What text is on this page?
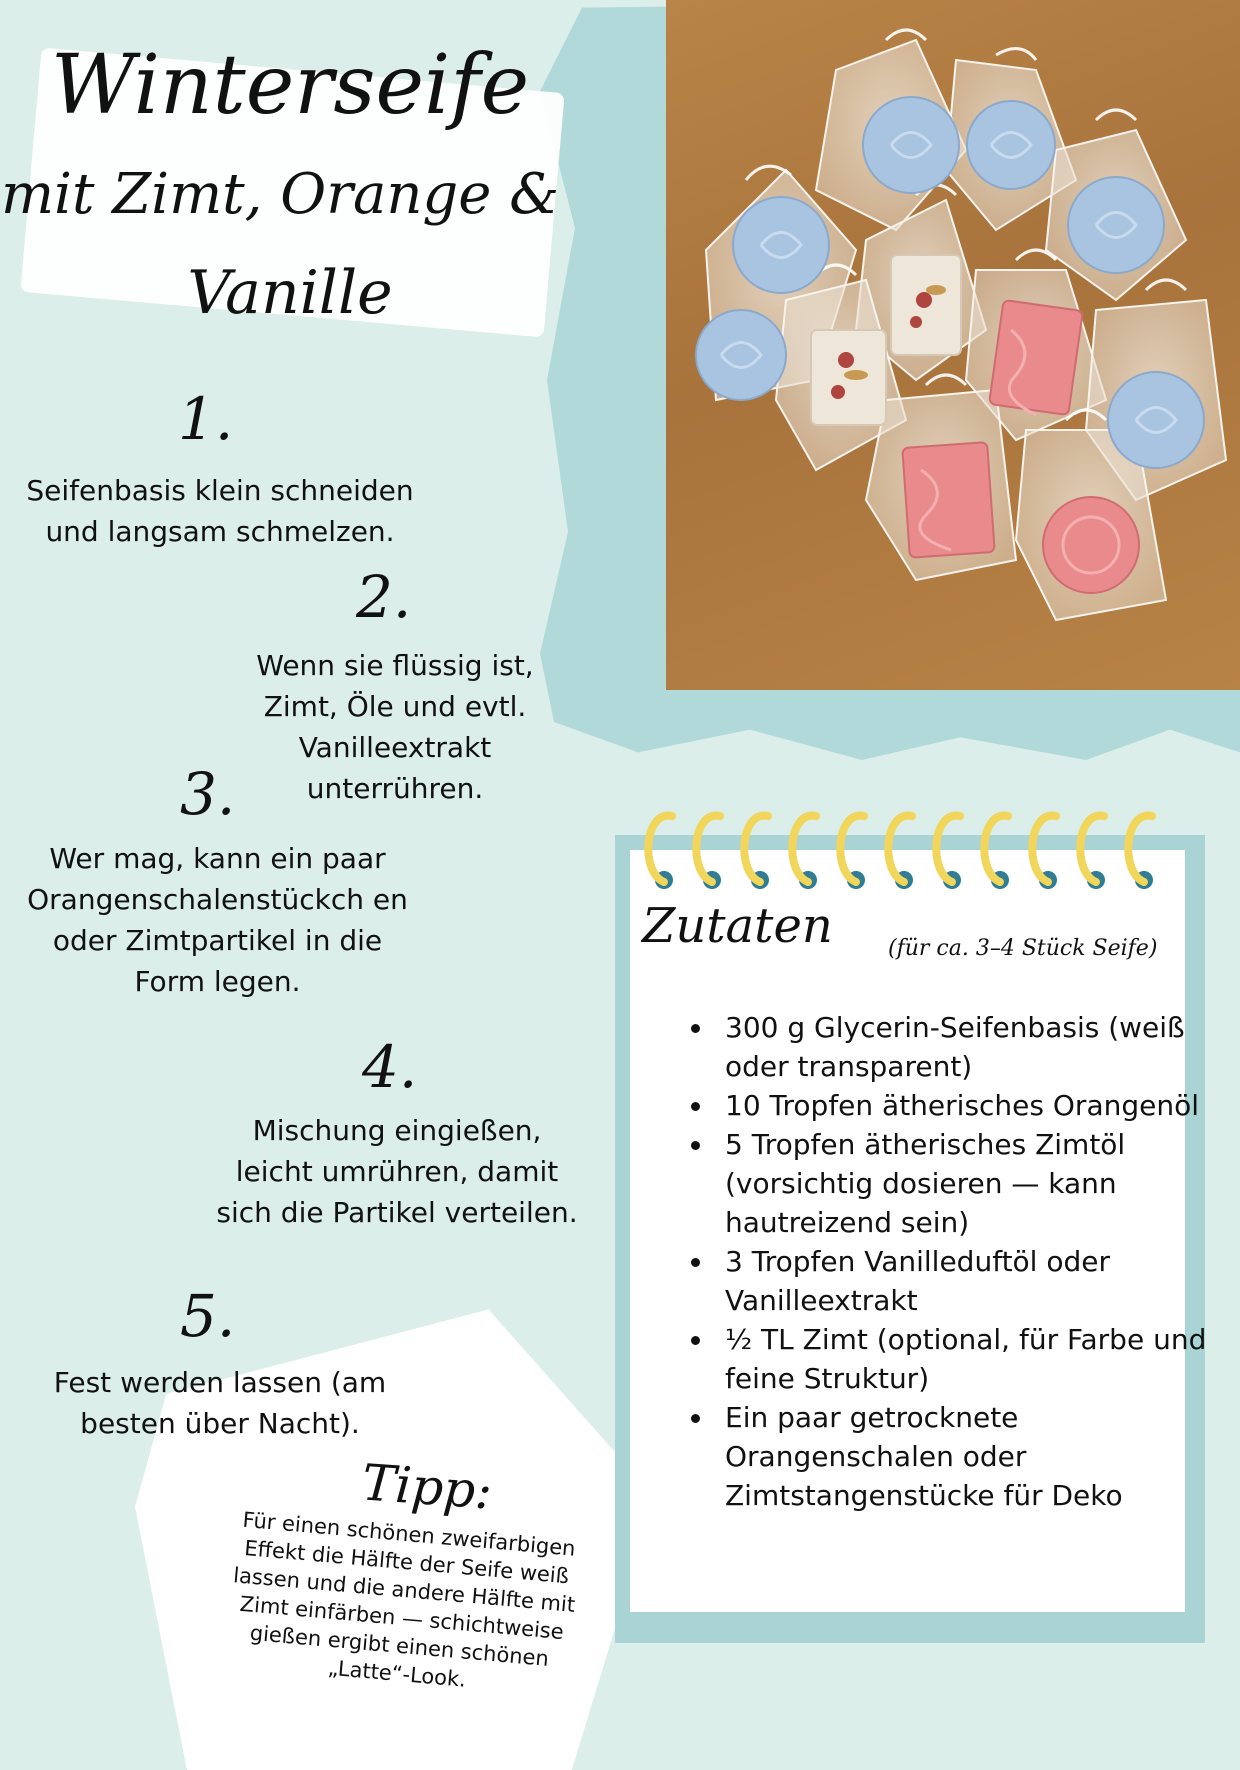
Winterseife
mit Zimt, Orange &
Vanille
1.
Seifenbasis klein schneiden und langsam schmelzen.
2.
Wenn sie flüssig ist, Zimt, Öle und evtl. Vanilleextrakt unterrühren.
3.
Wer mag, kann ein paar Orangenschalenstückch en oder Zimtpartikel in die Form legen.
4.
Mischung eingießen, leicht umrühren, damit sich die Partikel verteilen.
5.
Fest werden lassen (am besten über Nacht).
Tipp:
Für einen schönen zweifarbigen Effekt die Hälfte der Seife weiß lassen und die andere Hälfte mit Zimt einfärben — schichtweise gießen ergibt einen schönen „Latte“-Look.
Zutaten	(für ca. 3–4 Stück Seife)
• 300 g Glycerin-Seifenbasis (weiß oder transparent)
• 10 Tropfen ätherisches Orangenöl
• 5 Tropfen ätherisches Zimtöl (vorsichtig dosieren — kann hautreizend sein)
• 3 Tropfen Vanilleduftöl oder Vanilleextrakt
• ½ TL Zimt (optional, für Farbe und feine Struktur)
• Ein paar getrocknete Orangenschalen oder Zimtstangenstücke für Deko
